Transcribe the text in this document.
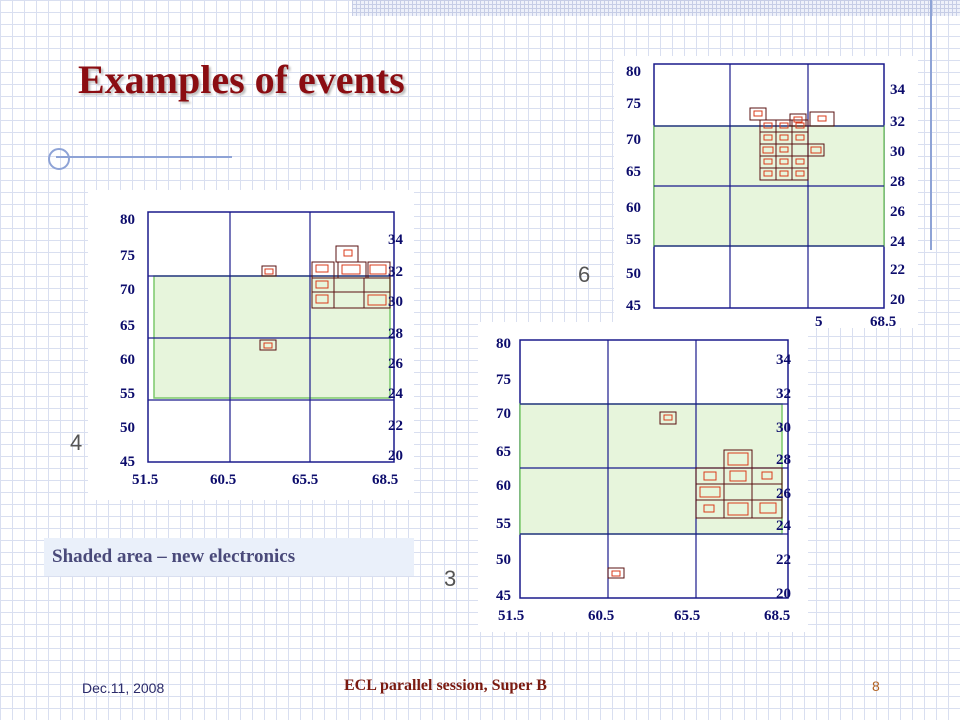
Examples of events	80
75
70
65
60
55
50
45
34
32
30
28
26
24
22
20
5	68.5
6
80
75
70
65
60
55
50
45
34
32
30
28
26
24
22
20
51.5	60.5	65.5	68.5
4
80
75
70
65
60
55
50
45
34
32
30
28
26
24
22
20
51.5	60.5	65.5	68.5
3
Shaded area – new electronics
Dec.11, 2008	ECL parallel session, Super B	8
